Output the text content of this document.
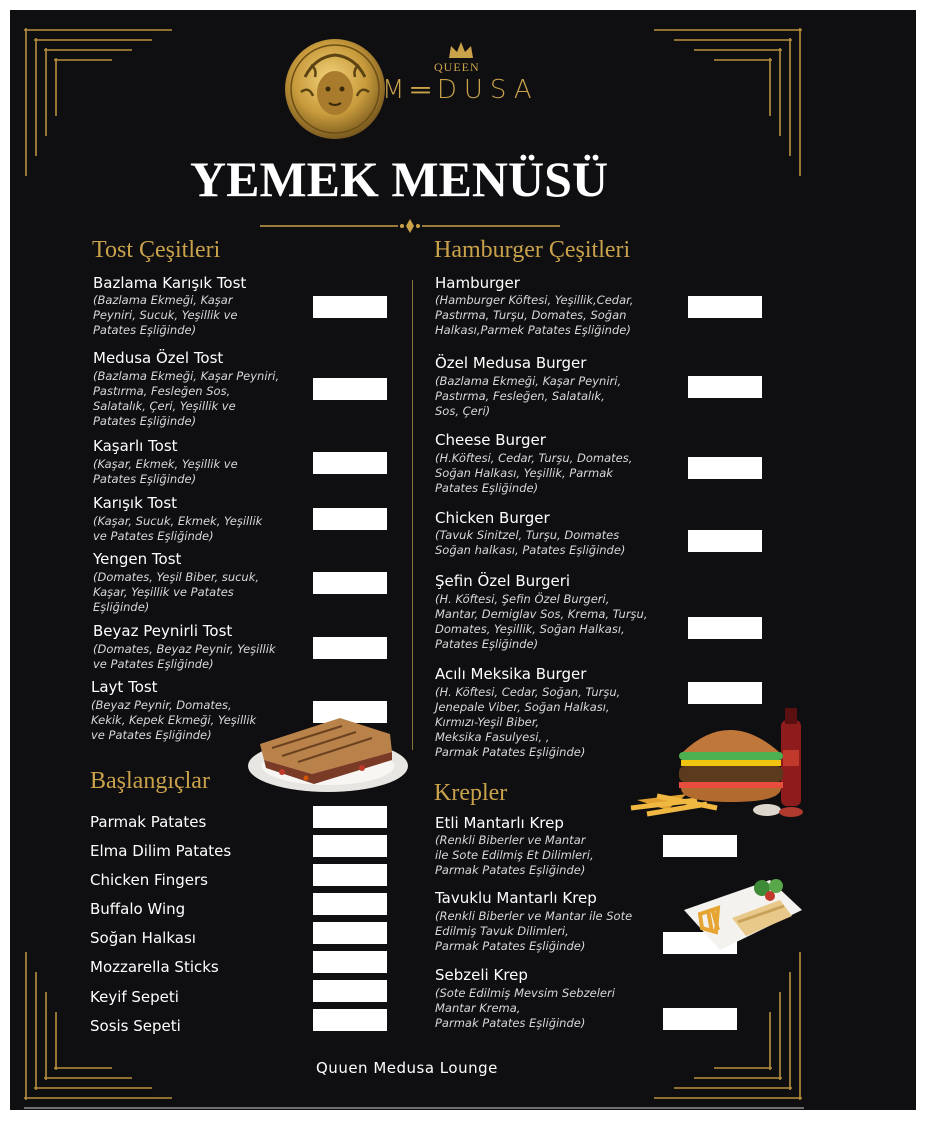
QUEEN
M═DUSA
YEMEK MENÜSÜ
Tost Çeşitleri	Hamburger Çeşitleri
Başlangıçlar	Krepler
Bazlama Karışık Tost
(Bazlama Ekmeği, Kaşar
Peyniri, Sucuk, Yeşillik ve
Patates Eşliğinde)
Medusa Özel Tost
(Bazlama Ekmeği, Kaşar Peyniri,
Pastırma, Fesleğen Sos,
Salatalık, Çeri, Yeşillik ve
Patates Eşliğinde)
Kaşarlı Tost
(Kaşar, Ekmek, Yeşillik ve
Patates Eşliğinde)
Karışık Tost
(Kaşar, Sucuk, Ekmek, Yeşillik
ve Patates Eşliğinde)
Yengen Tost
(Domates, Yeşil Biber, sucuk,
Kaşar, Yeşillik ve Patates
Eşliğinde)
Beyaz Peynirli Tost
(Domates, Beyaz Peynir, Yeşillik
ve Patates Eşliğinde)
Layt Tost
(Beyaz Peynir, Domates,
Kekik, Kepek Ekmeği, Yeşillik
ve Patates Eşliğinde)
Parmak Patates
Elma Dilim Patates
Chicken Fingers
Buffalo Wing
Soğan Halkası
Mozzarella Sticks
Keyif Sepeti
Sosis Sepeti
Hamburger
(Hamburger Köftesi, Yeşillik,Cedar,
Pastırma, Turşu, Domates, Soğan
Halkası,Parmek Patates Eşliğinde)
Özel Medusa Burger
(Bazlama Ekmeği, Kaşar Peyniri,
Pastırma, Fesleğen, Salatalık,
Sos, Çeri)
Cheese Burger
(H.Köftesi, Cedar, Turşu, Domates,
Soğan Halkası, Yeşillik, Parmak
Patates Eşliğinde)
Chicken Burger
(Tavuk Sinitzel, Turşu, Doımates
Soğan halkası, Patates Eşliğinde)
Şefin Özel Burgeri
(H. Köftesi, Şefin Özel Burgeri,
Mantar, Demiglav Sos, Krema, Turşu,
Domates, Yeşillik, Soğan Halkası,
Patates Eşliğinde)
Acılı Meksika Burger
(H. Köftesi, Cedar, Soğan, Turşu,
Jenepale Viber, Soğan Halkası,
Kırmızı-Yeşil Biber,
Meksika Fasulyesi, ,
Parmak Patates Eşliğinde)
Etli Mantarlı Krep
(Renkli Biberler ve Mantar
ile Sote Edilmiş Et Dilimleri,
Parmak Patates Eşliğinde)
Tavuklu Mantarlı Krep
(Renkli Biberler ve Mantar ile Sote
Edilmiş Tavuk Dilimleri,
Parmak Patates Eşliğinde)
Sebzeli Krep
(Sote Edilmiş Mevsim Sebzeleri
Mantar Krema,
Parmak Patates Eşliğinde)
Quuen Medusa Lounge
